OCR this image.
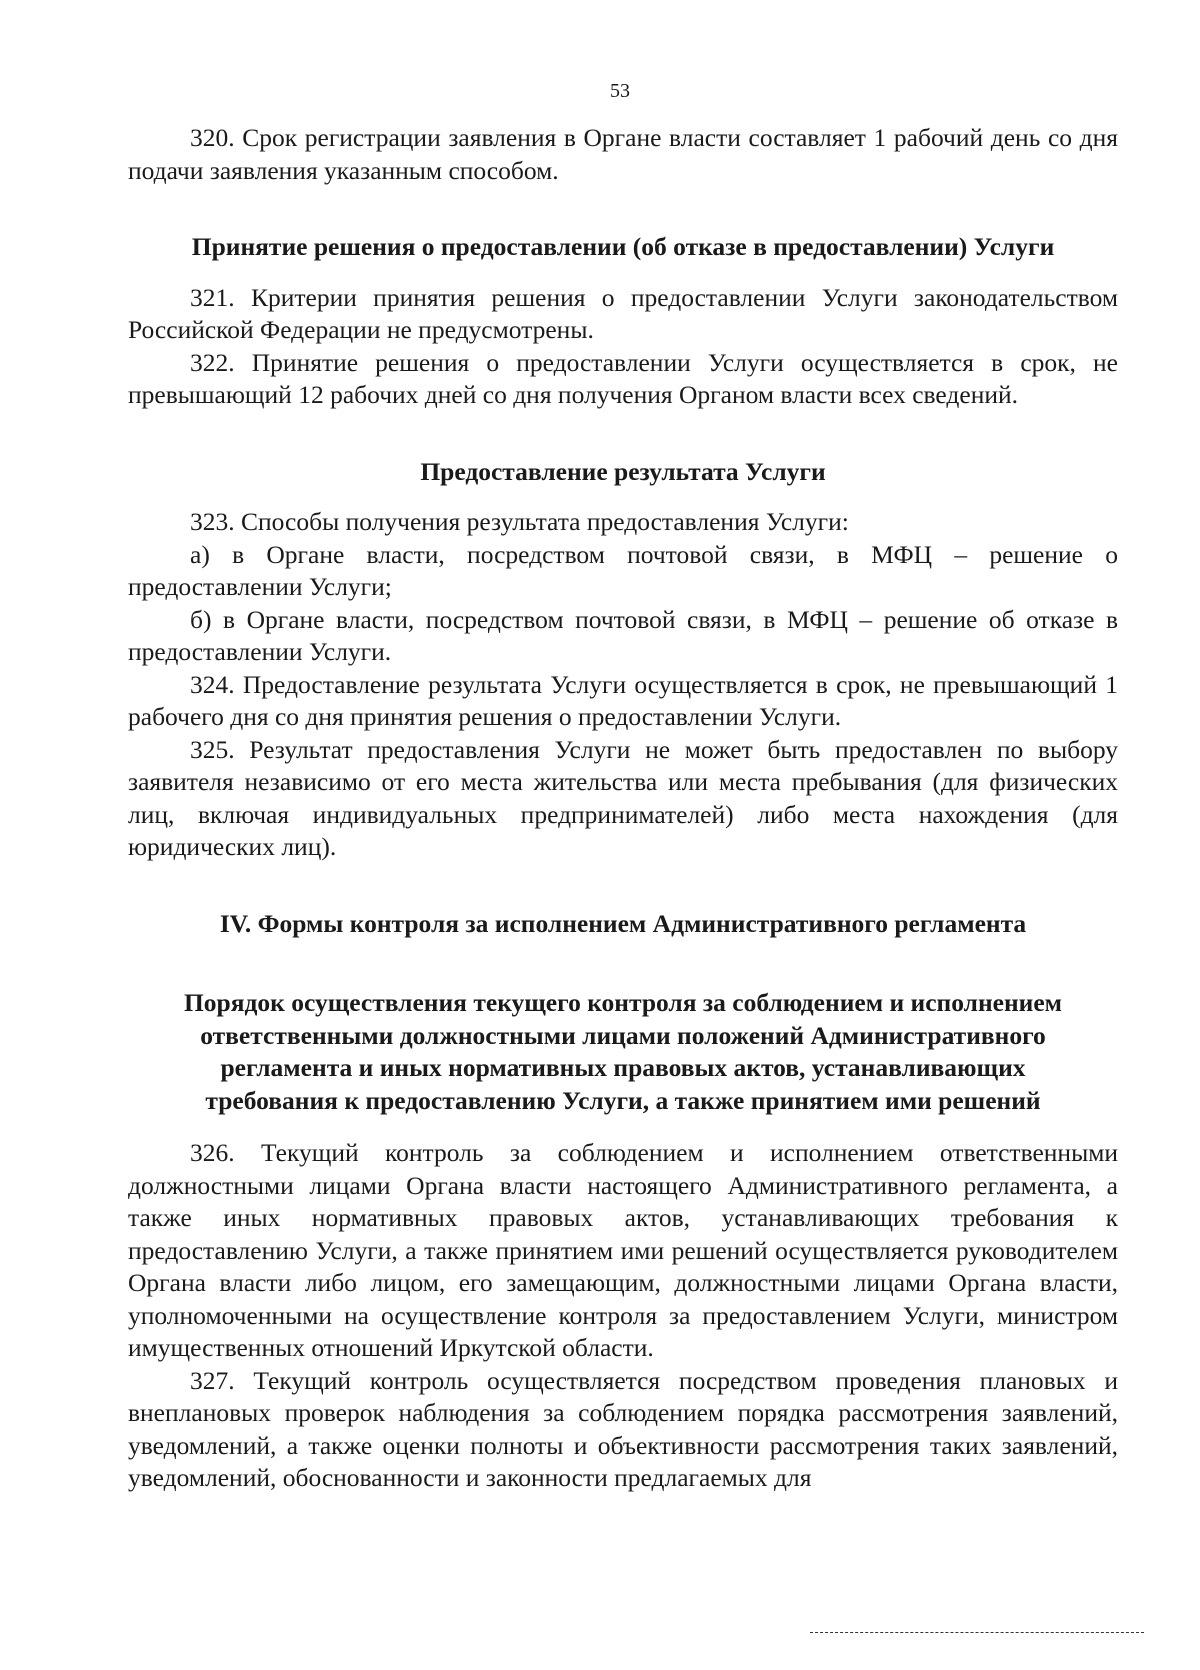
53

320. Срок регистрации заявления в Органе власти составляет 1 рабочий день со дня подачи заявления указанным способом.

Принятие решения о предоставлении (об отказе в предоставлении) Услуги

321. Критерии принятия решения о предоставлении Услуги законодательством Российской Федерации не предусмотрены.

322. Принятие решения о предоставлении Услуги осуществляется в срок, не превышающий 12 рабочих дней со дня получения Органом власти всех сведений.

Предоставление результата Услуги

323. Способы получения результата предоставления Услуги:

а) в Органе власти, посредством почтовой связи, в МФЦ – решение о предоставлении Услуги;

б) в Органе власти, посредством почтовой связи, в МФЦ – решение об отказе в предоставлении Услуги.

324. Предоставление результата Услуги осуществляется в срок, не превышающий 1 рабочего дня со дня принятия решения о предоставлении Услуги.

325. Результат предоставления Услуги не может быть предоставлен по выбору заявителя независимо от его места жительства или места пребывания (для физических лиц, включая индивидуальных предпринимателей) либо места нахождения (для юридических лиц).

IV. Формы контроля за исполнением Административного регламента
Порядок осуществления текущего контроля за соблюдением и исполнением
ответственными должностными лицами положений Административного
регламента и иных нормативных правовых актов, устанавливающих
требования к предоставлению Услуги, а также принятием ими решений

326. Текущий контроль за соблюдением и исполнением ответственными должностными лицами Органа власти настоящего Административного регламента, а также иных нормативных правовых актов, устанавливающих требования к предоставлению Услуги, а также принятием ими решений осуществляется руководителем Органа власти либо лицом, его замещающим, должностными лицами Органа власти, уполномоченными на осуществление контроля за предоставлением Услуги, министром имущественных отношений Иркутской области.

327. Текущий контроль осуществляется посредством проведения плановых и внеплановых проверок наблюдения за соблюдением порядка рассмотрения заявлений, уведомлений, а также оценки полноты и объективности рассмотрения таких заявлений, уведомлений, обоснованности и законности предлагаемых для
